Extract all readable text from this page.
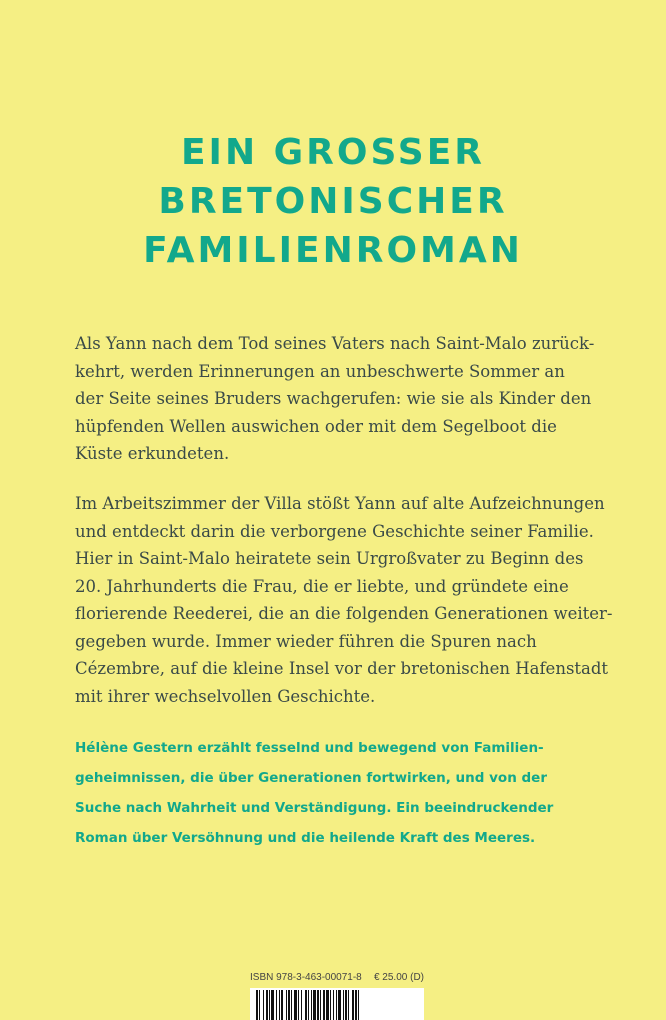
EIN GROSSER
BRETONISCHER
FAMILIENROMAN
Als Yann nach dem Tod seines Vaters nach Saint-Malo zurück-
kehrt, werden Erinnerungen an unbeschwerte Sommer an
der Seite seines Bruders wachgerufen: wie sie als Kinder den
hüpfenden Wellen auswichen oder mit dem Segelboot die
Küste erkundeten.
Im Arbeitszimmer der Villa stößt Yann auf alte Aufzeichnungen
und entdeckt darin die verborgene Geschichte seiner Familie.
Hier in Saint-Malo heiratete sein Urgroßvater zu Beginn des
20. Jahrhunderts die Frau, die er liebte, und gründete eine
florierende Reederei, die an die folgenden Generationen weiter-
gegeben wurde. Immer wieder führen die Spuren nach
Cézembre, auf die kleine Insel vor der bretonischen Hafenstadt
mit ihrer wechselvollen Geschichte.
Hélène Gestern erzählt fesselnd und bewegend von Familien-
geheimnissen, die über Generationen fortwirken, und von der
Suche nach Wahrheit und Verständigung. Ein beeindruckender
Roman über Versöhnung und die heilende Kraft des Meeres.
ISBN 978-3-463-00071-8 € 25.00 (D)
